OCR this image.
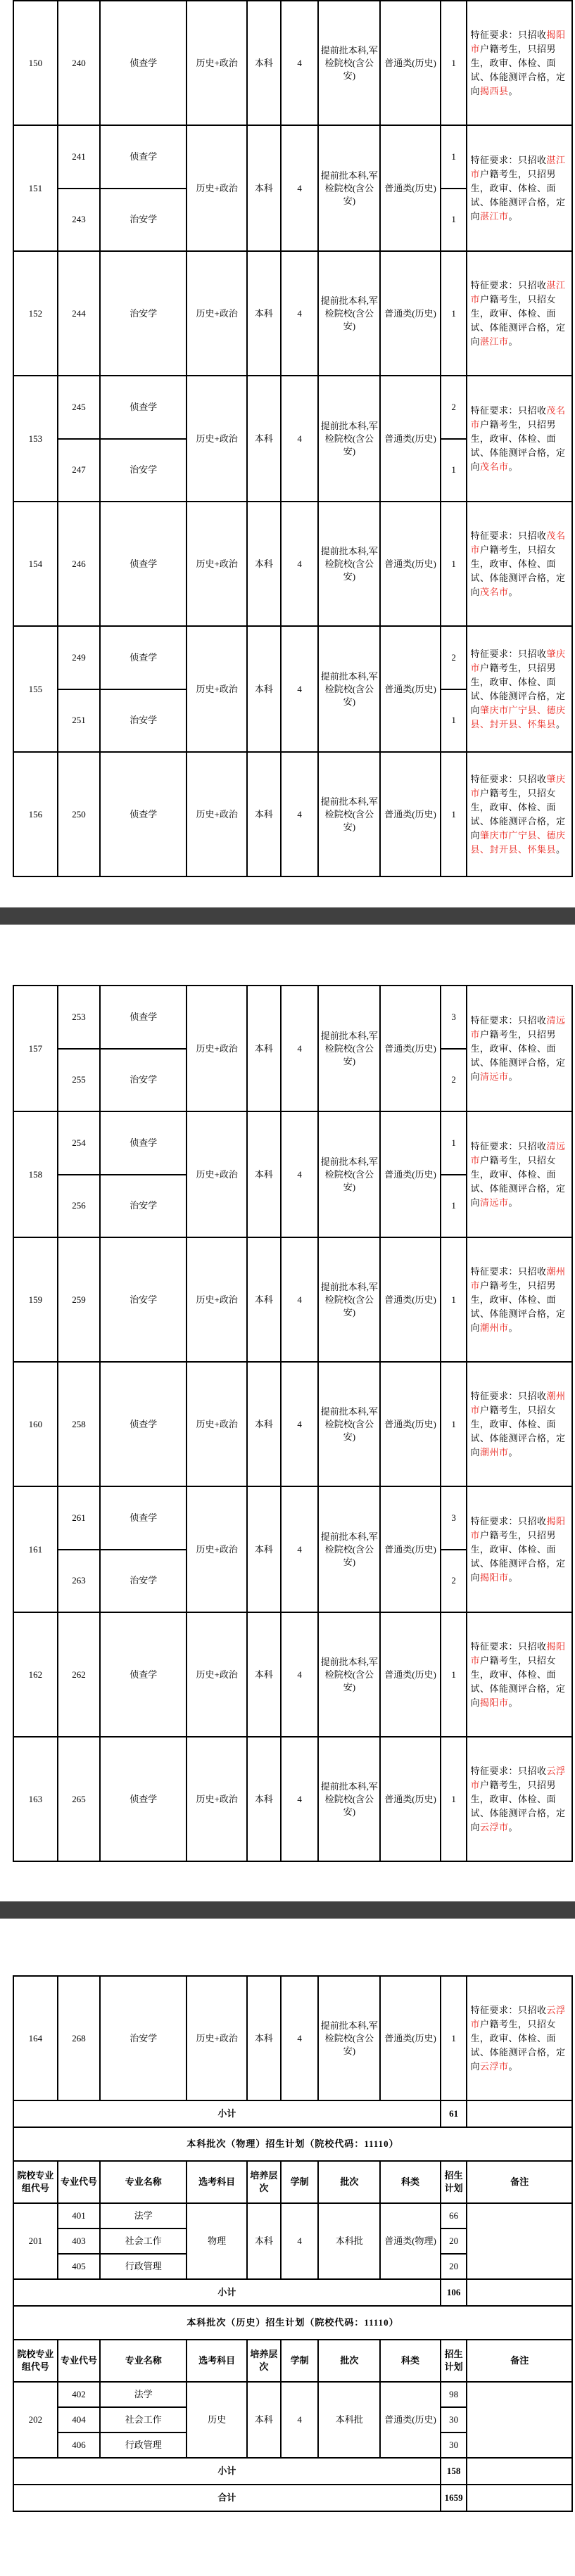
150	240	侦查学	历史+政治	本科	4	提前批本科,军检院校(含公安)	普通类(历史)	1	特征要求：只招收揭阳市户籍考生，只招男生，政审、体检、面试、体能测评合格，定向揭西县。
151	241	侦查学	历史+政治	本科	4	提前批本科,军检院校(含公安)	普通类(历史)	1	特征要求：只招收湛江市户籍考生，只招男生，政审、体检、面试、体能测评合格，定向湛江市。
	243	治安学						1	
152	244	治安学	历史+政治	本科	4	提前批本科,军检院校(含公安)	普通类(历史)	1	特征要求：只招收湛江市户籍考生，只招女生，政审、体检、面试、体能测评合格，定向湛江市。
153	245	侦查学	历史+政治	本科	4	提前批本科,军检院校(含公安)	普通类(历史)	2	特征要求：只招收茂名市户籍考生，只招男生，政审、体检、面试、体能测评合格，定向茂名市。
	247	治安学						1	
154	246	侦查学	历史+政治	本科	4	提前批本科,军检院校(含公安)	普通类(历史)	1	特征要求：只招收茂名市户籍考生，只招女生，政审、体检、面试、体能测评合格，定向茂名市。
155	249	侦查学	历史+政治	本科	4	提前批本科,军检院校(含公安)	普通类(历史)	2	特征要求：只招收肇庆市户籍考生，只招男生，政审、体检、面试、体能测评合格，定向肇庆市广宁县、德庆县、封开县、怀集县。
	251	治安学						1	
156	250	侦查学	历史+政治	本科	4	提前批本科,军检院校(含公安)	普通类(历史)	1	特征要求：只招收肇庆市户籍考生，只招女生，政审、体检、面试、体能测评合格，定向肇庆市广宁县、德庆县、封开县、怀集县。
157	253	侦查学	历史+政治	本科	4	提前批本科,军检院校(含公安)	普通类(历史)	3	特征要求：只招收清远市户籍考生，只招男生，政审、体检、面试、体能测评合格，定向清远市。
	255	治安学						2	
158	254	侦查学	历史+政治	本科	4	提前批本科,军检院校(含公安)	普通类(历史)	1	特征要求：只招收清远市户籍考生，只招女生，政审、体检、面试、体能测评合格，定向清远市。
	256	治安学						1	
159	259	治安学	历史+政治	本科	4	提前批本科,军检院校(含公安)	普通类(历史)	1	特征要求：只招收潮州市户籍考生，只招男生，政审、体检、面试、体能测评合格，定向潮州市。
160	258	侦查学	历史+政治	本科	4	提前批本科,军检院校(含公安)	普通类(历史)	1	特征要求：只招收潮州市户籍考生，只招女生，政审、体检、面试、体能测评合格，定向潮州市。
161	261	侦查学	历史+政治	本科	4	提前批本科,军检院校(含公安)	普通类(历史)	3	特征要求：只招收揭阳市户籍考生，只招男生，政审、体检、面试、体能测评合格，定向揭阳市。
	263	治安学						2	
162	262	侦查学	历史+政治	本科	4	提前批本科,军检院校(含公安)	普通类(历史)	1	特征要求：只招收揭阳市户籍考生，只招女生，政审、体检、面试、体能测评合格，定向揭阳市。
163	265	侦查学	历史+政治	本科	4	提前批本科,军检院校(含公安)	普通类(历史)	1	特征要求：只招收云浮市户籍考生，只招男生，政审、体检、面试、体能测评合格，定向云浮市。
164	268	治安学	历史+政治	本科	4	提前批本科,军检院校(含公安)	普通类(历史)	1	特征要求：只招收云浮市户籍考生，只招女生，政审、体检、面试、体能测评合格，定向云浮市。
小计								61	
本科批次（物理）招生计划（院校代码：11110）									
院校专业组代号	专业代号	专业名称	选考科目	培养层次	学制	批次	科类	招生计划	备注
201	401	法学	物理	本科	4	本科批	普通类(物理)	66	
	403	社会工作						20	
	405	行政管理						20	
小计								106	
本科批次（历史）招生计划（院校代码：11110）									
院校专业组代号	专业代号	专业名称	选考科目	培养层次	学制	批次	科类	招生计划	备注
202	402	法学	历史	本科	4	本科批	普通类(历史)	98	
	404	社会工作						30	
	406	行政管理						30	
小计								158	
合计								1659	
